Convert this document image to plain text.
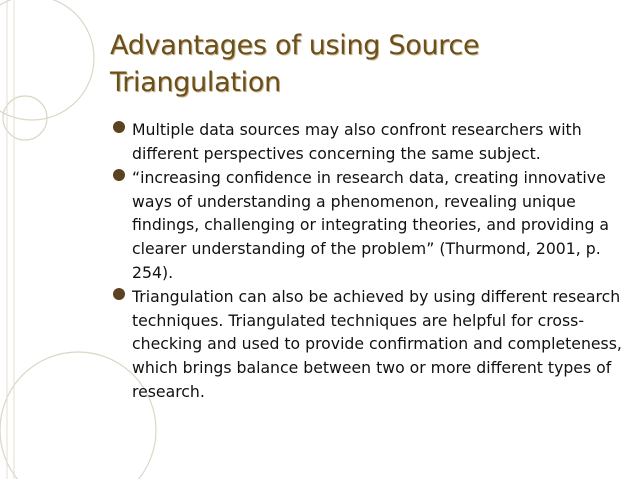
Advantages of using Source
Triangulation
Multiple data sources may also confront researchers with different perspectives concerning the same subject.
“increasing confidence in research data, creating innovative ways of understanding a phenomenon, revealing unique findings, challenging or integrating theories, and providing a clearer understanding of the problem” (Thurmond, 2001, p. 254).
Triangulation can also be achieved by using different research techniques. Triangulated techniques are helpful for cross-checking and used to provide confirmation and completeness, which brings balance between two or more different types of research.
